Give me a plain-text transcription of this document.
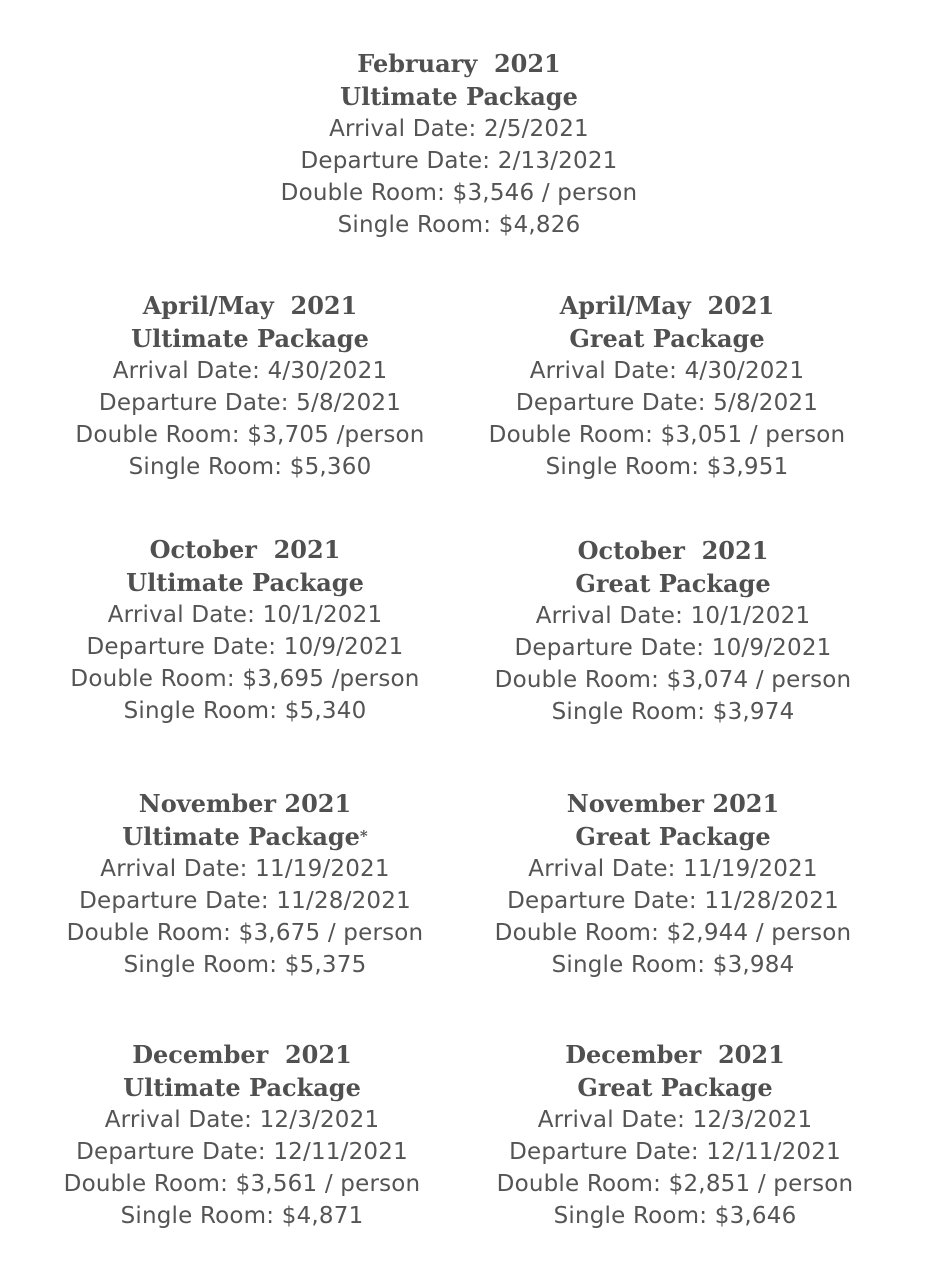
February  2021
Ultimate Package
Arrival Date: 2/5/2021
Departure Date: 2/13/2021
Double Room: $3,546 / person
Single Room: $4,826
April/May  2021
Ultimate Package
Arrival Date: 4/30/2021
Departure Date: 5/8/2021
Double Room: $3,705 /person
Single Room: $5,360
April/May  2021
Great Package
Arrival Date: 4/30/2021
Departure Date: 5/8/2021
Double Room: $3,051 / person
Single Room: $3,951
October  2021
Ultimate Package
Arrival Date: 10/1/2021
Departure Date: 10/9/2021
Double Room: $3,695 /person
Single Room: $5,340
October  2021
Great Package
Arrival Date: 10/1/2021
Departure Date: 10/9/2021
Double Room: $3,074 / person
Single Room: $3,974
November 2021
Ultimate Package*
Arrival Date: 11/19/2021
Departure Date: 11/28/2021
Double Room: $3,675 / person
Single Room: $5,375
November 2021
Great Package
Arrival Date: 11/19/2021
Departure Date: 11/28/2021
Double Room: $2,944 / person
Single Room: $3,984
December  2021
Ultimate Package
Arrival Date: 12/3/2021
Departure Date: 12/11/2021
Double Room: $3,561 / person
Single Room: $4,871
December  2021
Great Package
Arrival Date: 12/3/2021
Departure Date: 12/11/2021
Double Room: $2,851 / person
Single Room: $3,646
